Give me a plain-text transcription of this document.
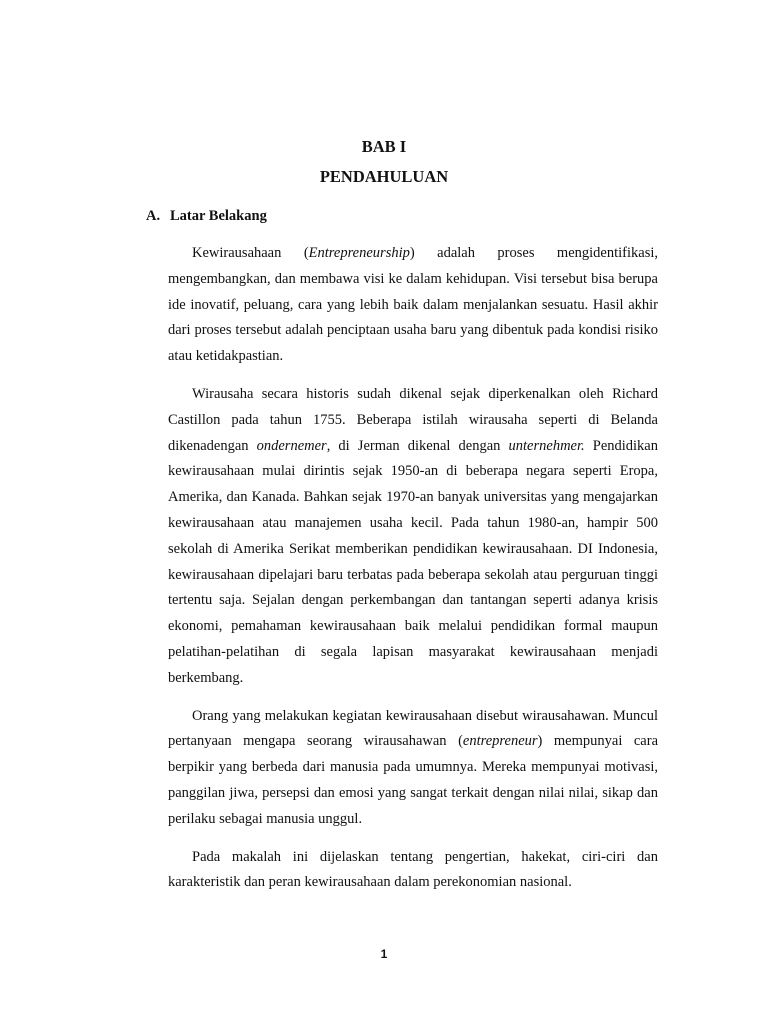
BAB I
PENDAHULUAN
A. Latar Belakang

Kewirausahaan (Entrepreneurship) adalah proses mengidentifikasi, mengembangkan, dan membawa visi ke dalam kehidupan. Visi tersebut bisa berupa ide inovatif, peluang, cara yang lebih baik dalam menjalankan sesuatu. Hasil akhir dari proses tersebut adalah penciptaan usaha baru yang dibentuk pada kondisi risiko atau ketidakpastian.

Wirausaha secara historis sudah dikenal sejak diperkenalkan oleh Richard Castillon pada tahun 1755. Beberapa istilah wirausaha seperti di Belanda dikenadengan ondernemer, di Jerman dikenal dengan unternehmer. Pendidikan kewirausahaan mulai dirintis sejak 1950-an di beberapa negara seperti Eropa, Amerika, dan Kanada. Bahkan sejak 1970-an banyak universitas yang mengajarkan kewirausahaan atau manajemen usaha kecil. Pada tahun 1980-an, hampir 500 sekolah di Amerika Serikat memberikan pendidikan kewirausahaan. DI Indonesia, kewirausahaan dipelajari baru terbatas pada beberapa sekolah atau perguruan tinggi tertentu saja. Sejalan dengan perkembangan dan tantangan seperti adanya krisis ekonomi, pemahaman kewirausahaan baik melalui pendidikan formal maupun pelatihan-pelatihan di segala lapisan masyarakat kewirausahaan menjadi berkembang.

Orang yang melakukan kegiatan kewirausahaan disebut wirausahawan. Muncul pertanyaan mengapa seorang wirausahawan (entrepreneur) mempunyai cara berpikir yang berbeda dari manusia pada umumnya. Mereka mempunyai motivasi, panggilan jiwa, persepsi dan emosi yang sangat terkait dengan nilai nilai, sikap dan perilaku sebagai manusia unggul.

Pada makalah ini dijelaskan tentang pengertian, hakekat, ciri-ciri dan karakteristik dan peran kewirausahaan dalam perekonomian nasional.

1
